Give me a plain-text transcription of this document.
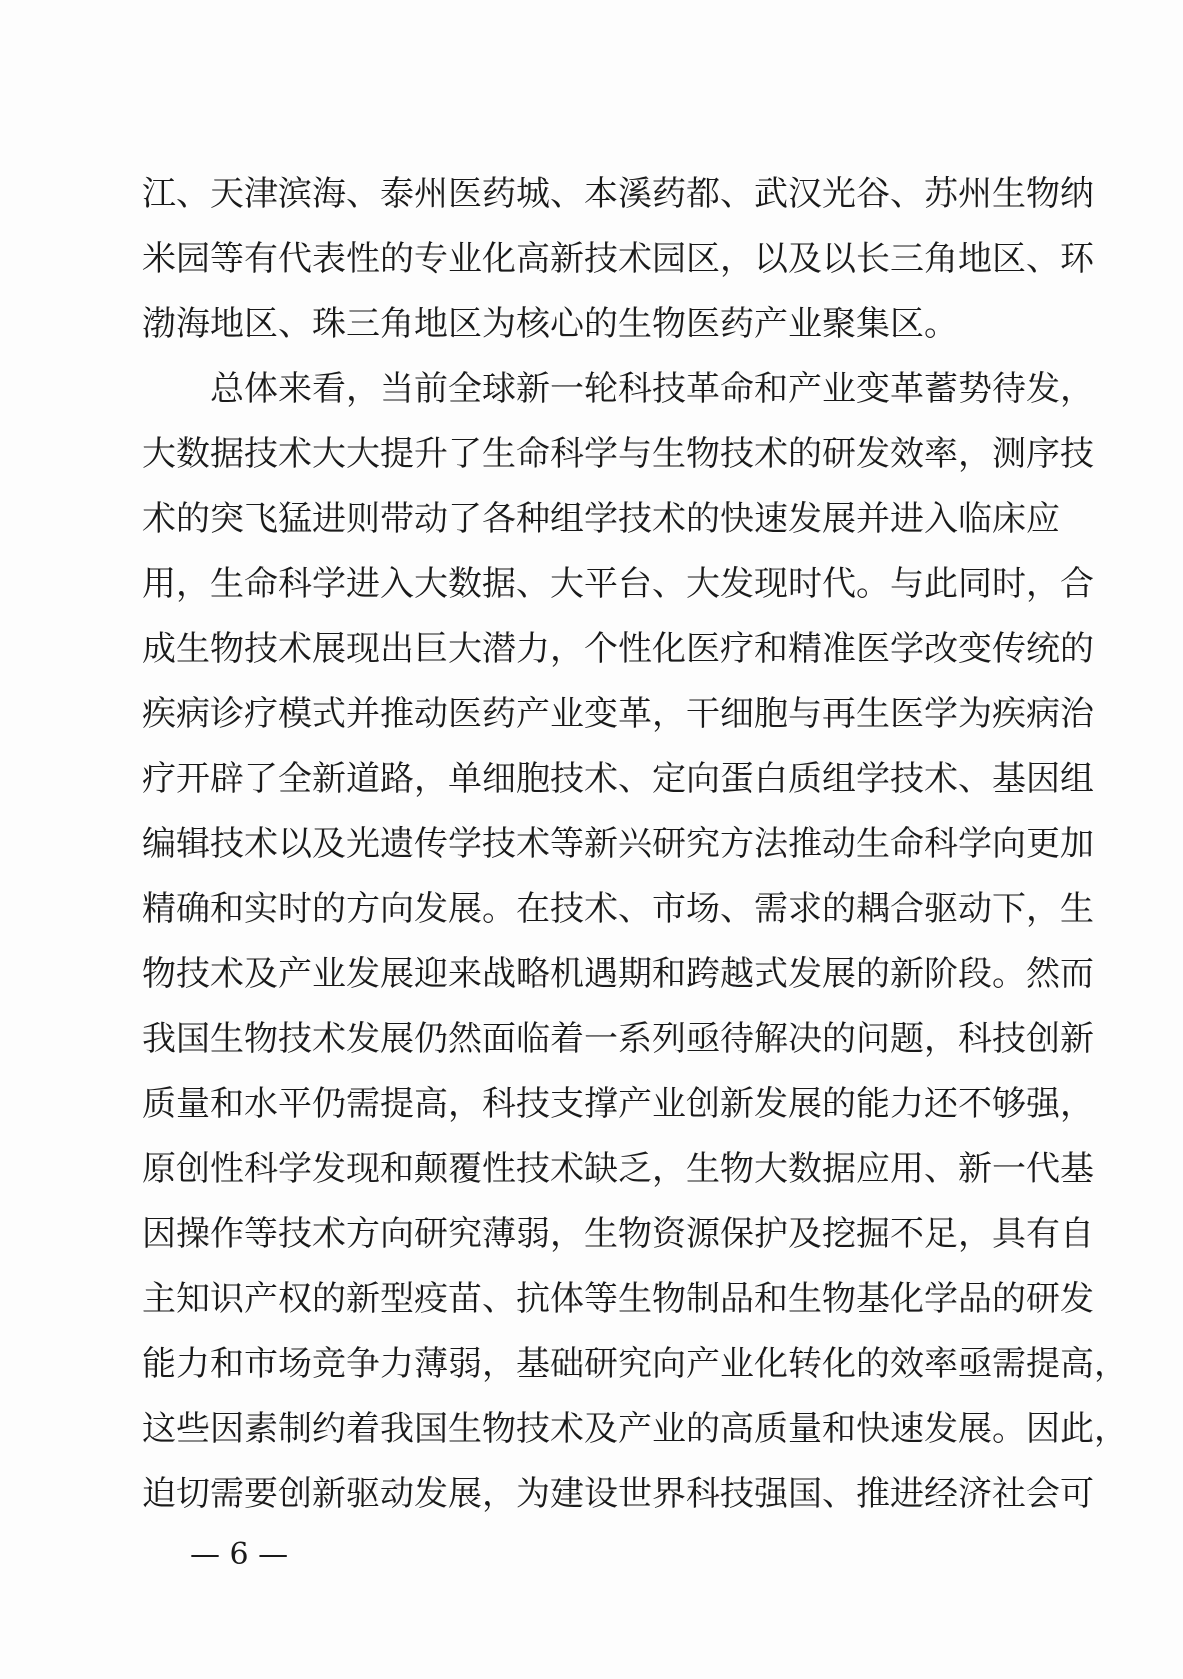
江、天津滨海、泰州医药城、本溪药都、武汉光谷、苏州生物纳
米园等有代表性的专业化高新技术园区，以及以长三角地区、环
渤海地区、珠三角地区为核心的生物医药产业聚集区。
总体来看，当前全球新一轮科技革命和产业变革蓄势待发，
大数据技术大大提升了生命科学与生物技术的研发效率，测序技
术的突飞猛进则带动了各种组学技术的快速发展并进入临床应
用，生命科学进入大数据、大平台、大发现时代。与此同时，合
成生物技术展现出巨大潜力，个性化医疗和精准医学改变传统的
疾病诊疗模式并推动医药产业变革，干细胞与再生医学为疾病治
疗开辟了全新道路，单细胞技术、定向蛋白质组学技术、基因组
编辑技术以及光遗传学技术等新兴研究方法推动生命科学向更加
精确和实时的方向发展。在技术、市场、需求的耦合驱动下，生
物技术及产业发展迎来战略机遇期和跨越式发展的新阶段。然而
我国生物技术发展仍然面临着一系列亟待解决的问题，科技创新
质量和水平仍需提高，科技支撑产业创新发展的能力还不够强，
原创性科学发现和颠覆性技术缺乏，生物大数据应用、新一代基
因操作等技术方向研究薄弱，生物资源保护及挖掘不足，具有自
主知识产权的新型疫苗、抗体等生物制品和生物基化学品的研发
能力和市场竞争力薄弱，基础研究向产业化转化的效率亟需提高，
这些因素制约着我国生物技术及产业的高质量和快速发展。因此，
迫切需要创新驱动发展，为建设世界科技强国、推进经济社会可
— 6 —
